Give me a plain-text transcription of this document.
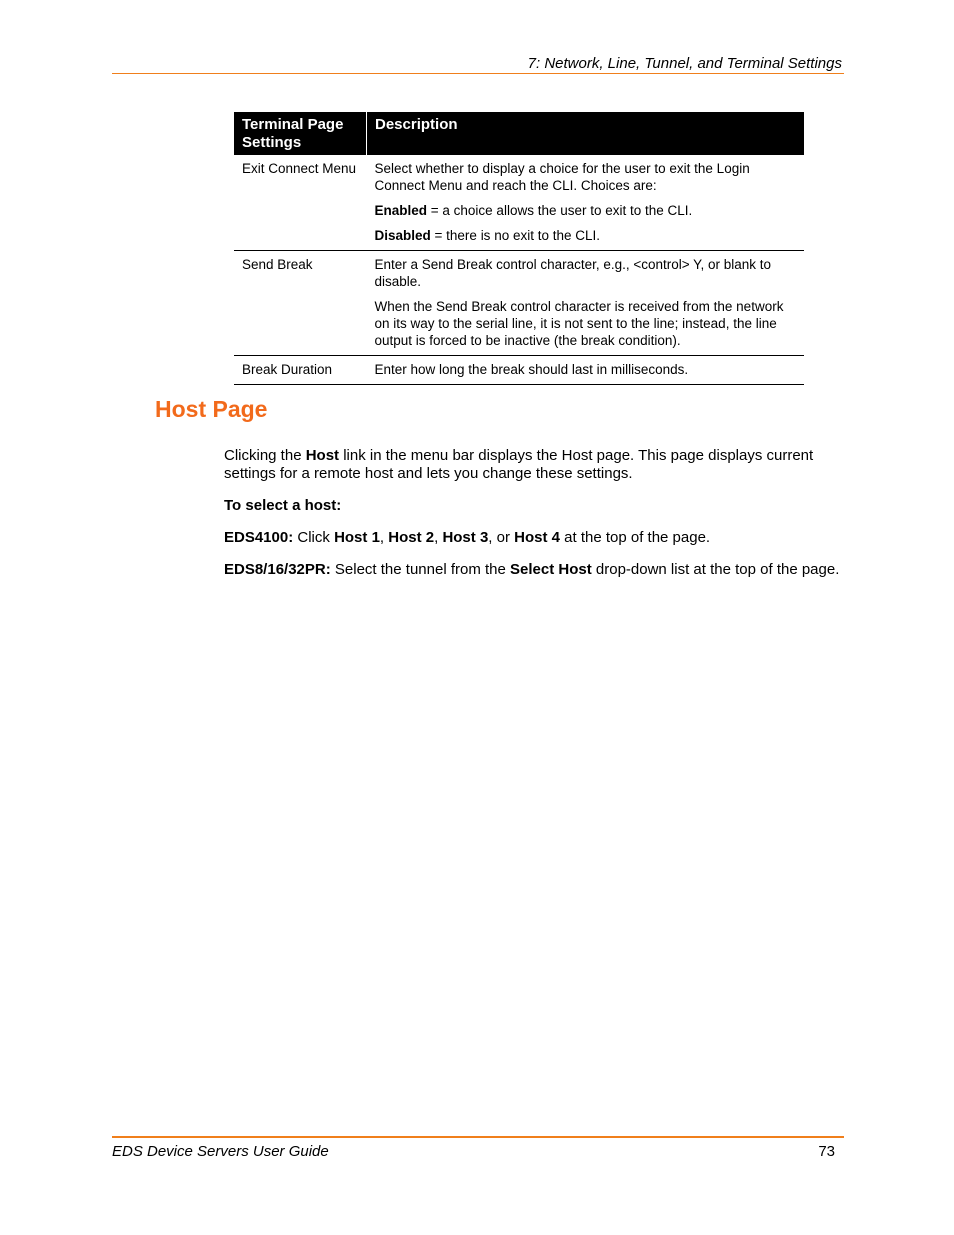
7: Network, Line, Tunnel, and Terminal Settings
Terminal Page Settings	Description
Exit Connect Menu	Select whether to display a choice for the user to exit the Login Connect Menu and reach the CLI. Choices are:

Enabled = a choice allows the user to exit to the CLI.

Disabled = there is no exit to the CLI.

Send Break	Enter a Send Break control character, e.g., <control> Y, or blank to disable.

When the Send Break control character is received from the network on its way to the serial line, it is not sent to the line; instead, the line output is forced to be inactive (the break condition).

Break Duration	Enter how long the break should last in milliseconds.

Host Page

Clicking the Host link in the menu bar displays the Host page. This page displays current settings for a remote host and lets you change these settings.

To select a host:

EDS4100: Click Host 1, Host 2, Host 3, or Host 4 at the top of the page.

EDS8/16/32PR: Select the tunnel from the Select Host drop-down list at the top of the page.

EDS Device Servers User Guide	73
